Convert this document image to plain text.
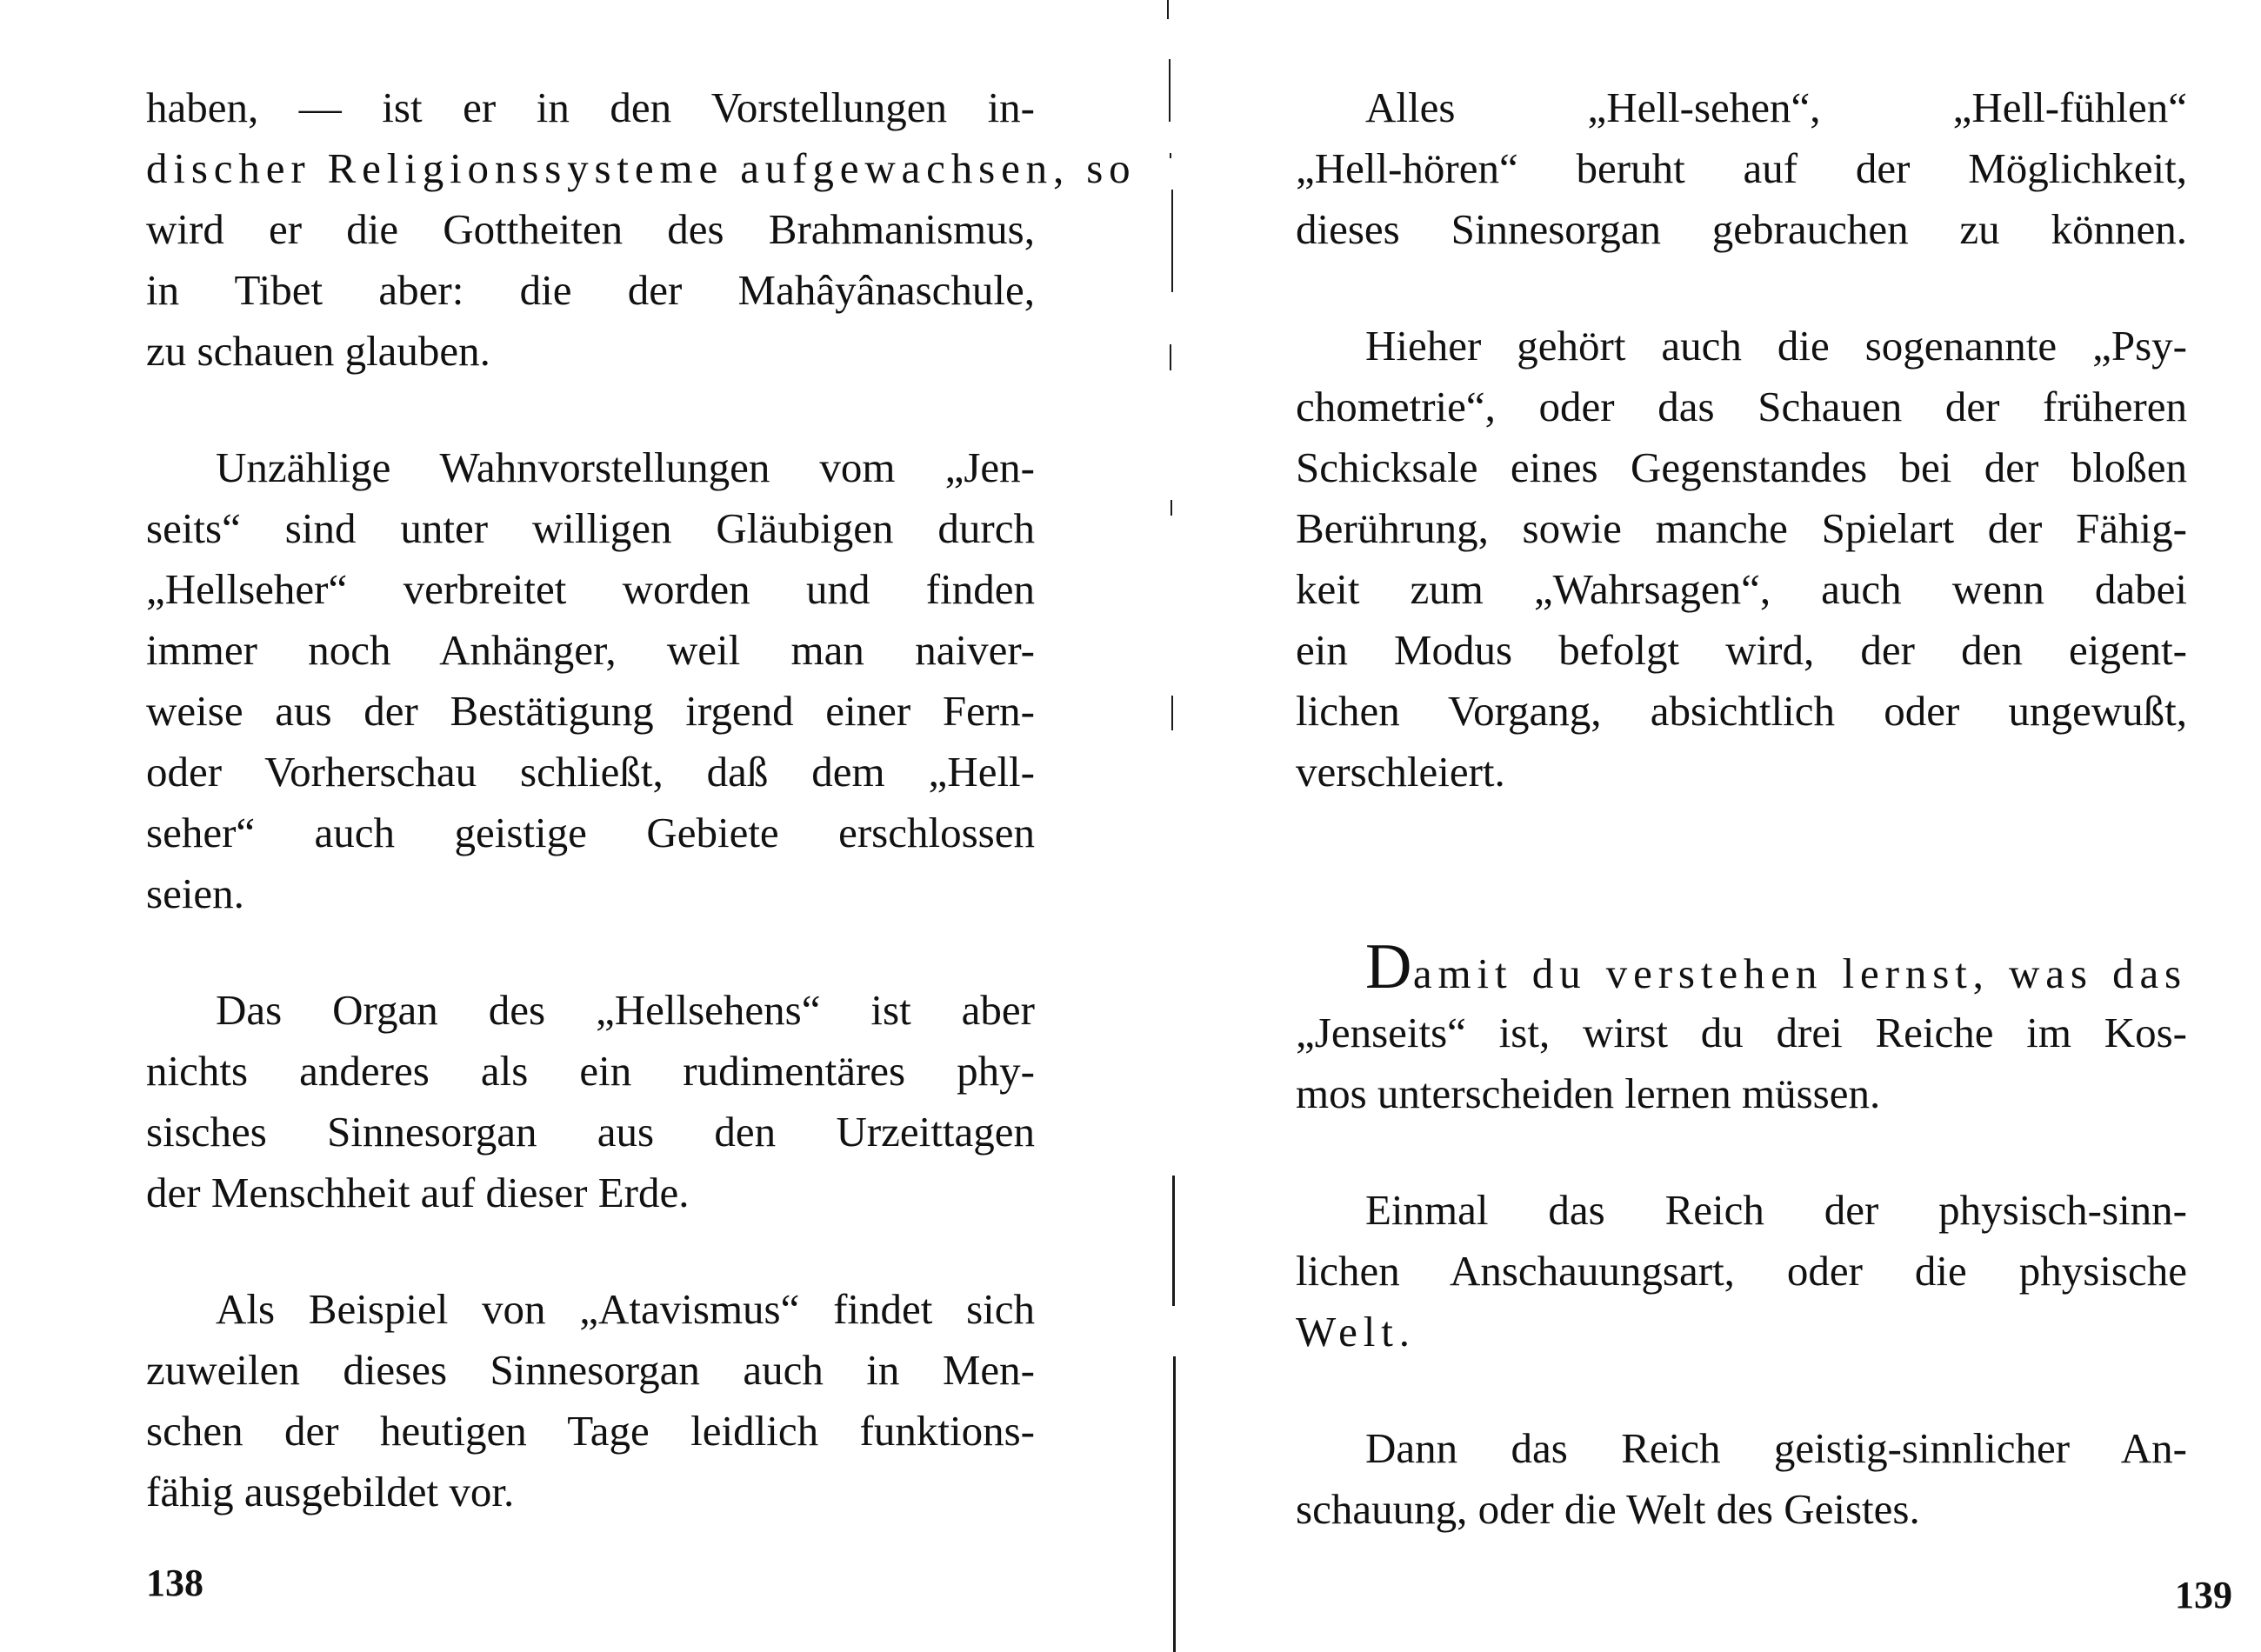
haben, — ist er in den Vorstellungen in-
discher Religionssysteme aufgewachsen, so
wird er die Gottheiten des Brahmanismus,
in Tibet aber: die der Mahâyânaschule,
zu schauen glauben.
Unzählige Wahnvorstellungen vom „Jen-
seits“ sind unter willigen Gläubigen durch
„Hellseher“ verbreitet worden und finden
immer noch Anhänger, weil man naiver-
weise aus der Bestätigung irgend einer Fern-
oder Vorherschau schließt, daß dem „Hell-
seher“ auch geistige Gebiete erschlossen
seien.
Das Organ des „Hellsehens“ ist aber
nichts anderes als ein rudimentäres phy-
sisches Sinnesorgan aus den Urzeittagen
der Menschheit auf dieser Erde.
Als Beispiel von „Atavismus“ findet sich
zuweilen dieses Sinnesorgan auch in Men-
schen der heutigen Tage leidlich funktions-
fähig ausgebildet vor.
138
Alles „Hell-sehen“, „Hell-fühlen“
„Hell-hören“ beruht auf der Möglichkeit,
dieses Sinnesorgan gebrauchen zu können.
Hieher gehört auch die sogenannte „Psy-
chometrie“, oder das Schauen der früheren
Schicksale eines Gegenstandes bei der bloßen
Berührung, sowie manche Spielart der Fähig-
keit zum „Wahrsagen“, auch wenn dabei
ein Modus befolgt wird, der den eigent-
lichen Vorgang, absichtlich oder ungewußt,
verschleiert.
Damit du verstehen lernst, was das
„Jenseits“ ist, wirst du drei Reiche im Kos-
mos unterscheiden lernen müssen.
Einmal das Reich der physisch-sinn-
lichen Anschauungsart, oder die physische
Welt.
Dann das Reich geistig-sinnlicher An-
schauung, oder die Welt des Geistes.
139
